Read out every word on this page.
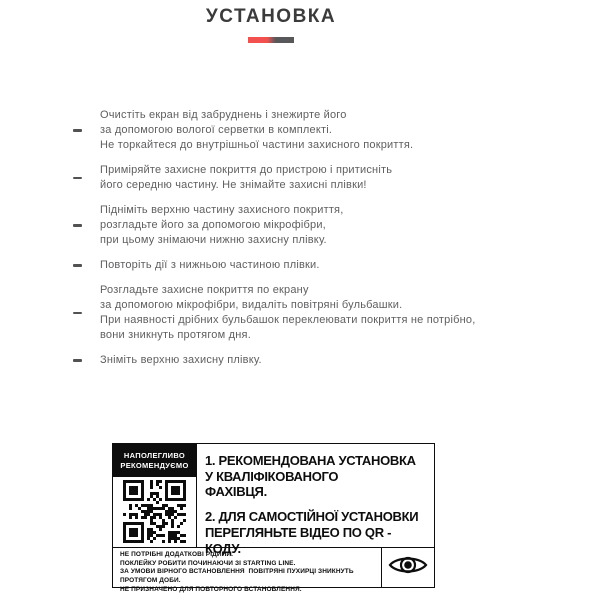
УСТАНОВКА
Очистіть екран від забруднень і знежирте його
за допомогою вологої серветки в комплекті.
Не торкайтеся до внутрішньої частини захисного покриття.
Приміряйте захисне покриття до пристрою і притисніть
його середню частину. Не знімайте захисні плівки!
Підніміть верхню частину захисного покриття,
розгладьте його за допомогою мікрофібри,
при цьому знімаючи нижню захисну плівку.
Повторіть дії з нижньою частиною плівки.
Розгладьте захисне покриття по екрану
за допомогою мікрофібри, видаліть повітряні бульбашки.
При наявності дрібних бульбашок переклеювати покриття не потрібно,
вони зникнуть протягом дня.
Зніміть верхню захисну плівку.
НАПОЛЕГЛИВО
РЕКОМЕНДУЄМО	1. РЕКОМЕНДОВАНА УСТАНОВКА
У КВАЛІФІКОВАНОГО
ФАХІВЦЯ.
2. ДЛЯ САМОСТІЙНОЇ УСТАНОВКИ
ПЕРЕГЛЯНЬТЕ ВІДЕО ПО QR - КОДУ.
НЕ ПОТРІБНІ ДОДАТКОВІ РІДИНИ.
ПОКЛЕЙКУ РОБИТИ ПОЧИНАЮЧИ ЗІ STARTING LINE.
ЗА УМОВИ ВІРНОГО ВСТАНОВЛЕННЯ  ПОВІТРЯНІ ПУХИРЦІ ЗНИКНУТЬ  ПРОТЯГОМ ДОБИ.
НЕ ПРИЗНАЧЕНО ДЛЯ ПОВТОРНОГО ВСТАНОВЛЕННЯ.
